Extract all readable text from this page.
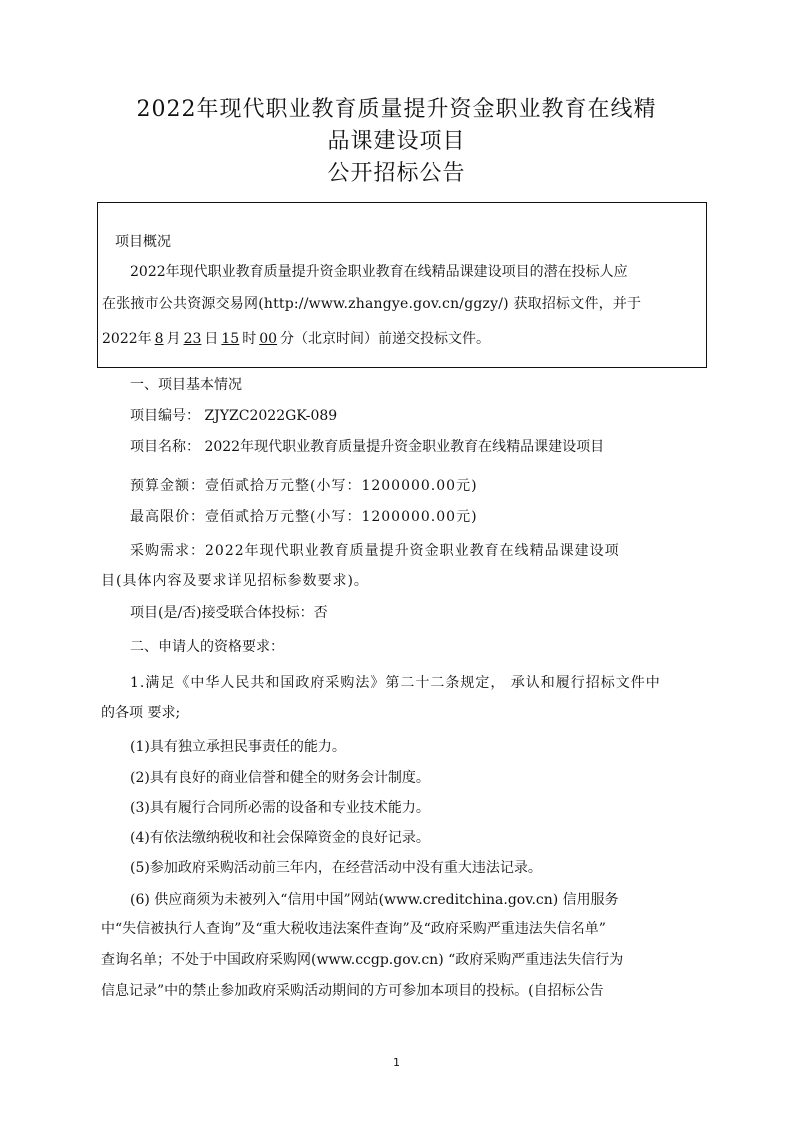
2022年现代职业教育质量提升资金职业教育在线精
品课建设项目
公开招标公告
项目概况
2022年现代职业教育质量提升资金职业教育在线精品课建设项目的潜在投标人应
在张掖市公共资源交易网(http://www.zhangye.gov.cn/ggzy/) 获取招标文件，并于
2022年 8 月 23 日 15 时 00 分（北京时间）前递交投标文件。
一、项目基本情况
项目编号： ZJYZC2022GK-089
项目名称： 2022年现代职业教育质量提升资金职业教育在线精品课建设项目
预算金额：壹佰贰拾万元整(小写：1200000.00元)
最高限价：壹佰贰拾万元整(小写：1200000.00元)
采购需求：2022年现代职业教育质量提升资金职业教育在线精品课建设项
目(具体内容及要求详见招标参数要求)。
项目(是/否)接受联合体投标：否
二、申请人的资格要求：
1.满足《中华人民共和国政府采购法》第二十二条规定， 承认和履行招标文件中
的各项 要求;
(1)具有独立承担民事责任的能力。
(2)具有良好的商业信誉和健全的财务会计制度。
(3)具有履行合同所必需的设备和专业技术能力。
(4)有依法缴纳税收和社会保障资金的良好记录。
(5)参加政府采购活动前三年内，在经营活动中没有重大违法记录。
(6) 供应商须为未被列入“信用中国”网站(www.creditchina.gov.cn) 信用服务
中“失信被执行人查询”及“重大税收违法案件查询”及“政府采购严重违法失信名单”
查询名单；不处于中国政府采购网(www.ccgp.gov.cn) “政府采购严重违法失信行为
信息记录”中的禁止参加政府采购活动期间的方可参加本项目的投标。(自招标公告
1
